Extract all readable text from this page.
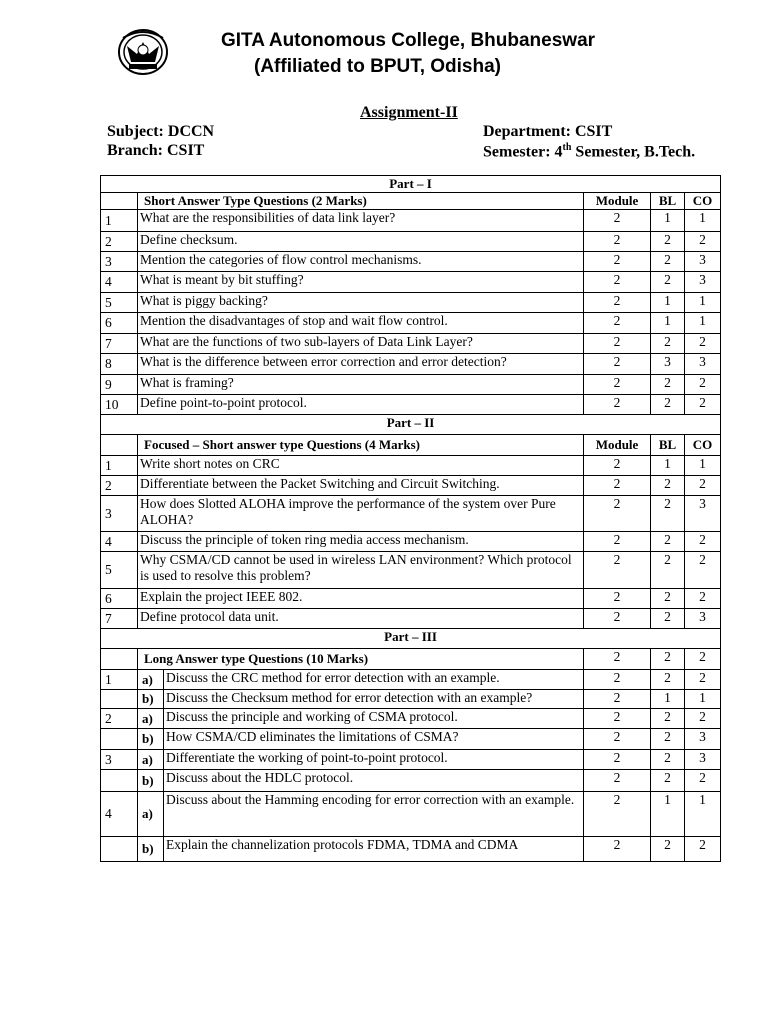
GITA Autonomous College, Bhubaneswar
(Affiliated to BPUT, Odisha)
Assignment-II
Subject: DCCN
Branch: CSIT
Department: CSIT
Semester: 4th Semester, B.Tech.
Part – I					
	Short Answer Type Questions (2 Marks)		Module	BL	CO
1	What are the responsibilities of data link layer?		2	1	1
2	Define checksum.		2	2	2
3	Mention the categories of flow control mechanisms.		2	2	3
4	What is meant by bit stuffing?		2	2	3
5	What is piggy backing?		2	1	1
6	Mention the disadvantages of stop and wait flow control.		2	1	1
7	What are the functions of two sub-layers of Data Link Layer?		2	2	2
8	What is the difference between error correction and error detection?		2	3	3
9	What is framing?		2	2	2
10	Define point-to-point protocol.		2	2	2
Part – II					
	Focused – Short answer type Questions (4 Marks)		Module	BL	CO
1	Write short notes on CRC		2	1	1
2	Differentiate between the Packet Switching and Circuit Switching.		2	2	2
3	How does Slotted ALOHA improve the performance of the system over Pure ALOHA?		2	2	3
4	Discuss the principle of token ring media access mechanism.		2	2	2
5	Why CSMA/CD cannot be used in wireless LAN environment? Which protocol is used to resolve this problem?		2	2	2
6	Explain the project IEEE 802.		2	2	2
7	Define protocol data unit.		2	2	3
Part – III					
	Long Answer type Questions (10 Marks)		2	2	2
1	a)	Discuss the CRC method for error detection with an example.	2	2	2
	b)	Discuss the Checksum method for error detection with an example?	2	1	1
2	a)	Discuss the principle and working of CSMA protocol.	2	2	2
	b)	How CSMA/CD eliminates the limitations of CSMA?	2	2	3
3	a)	Differentiate the working of point-to-point protocol.	2	2	3
	b)	Discuss about the HDLC protocol.	2	2	2
4	a)	Discuss about the Hamming encoding for error correction with an example.	2	1	1
	b)	Explain the channelization protocols FDMA, TDMA and CDMA	2	2	2
